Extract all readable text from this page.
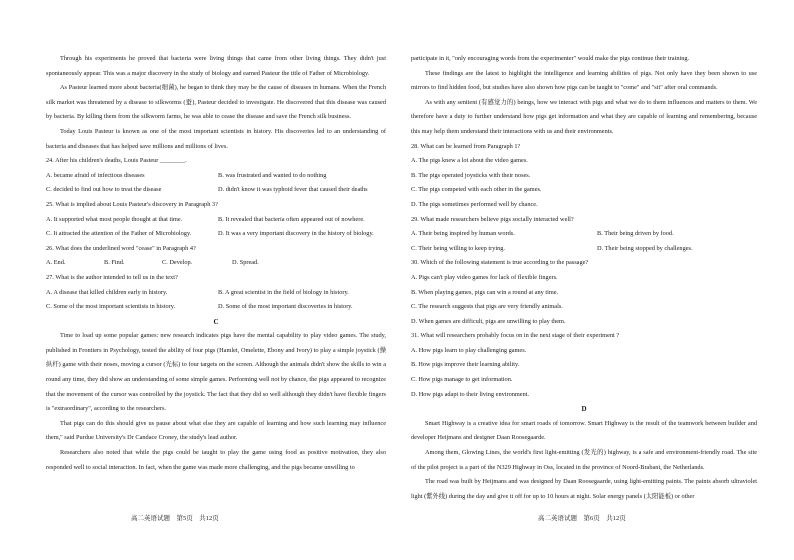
Through his experiments he proved that bacteria were living things that came from other living things. They didn't just spontaneously appear. This was a major discovery in the study of biology and earned Pasteur the title of Father of Microbiology.

As Pasteur learned more about bacteria(细菌), he began to think they may be the cause of diseases in humans. When the French silk market was threatened by a disease to silkworms (蚕), Pasteur decided to investigate. He discovered that this disease was caused by bacteria. By killing them from the silkworm farms, he was able to cease the disease and save the French silk business.

Today Louis Pasteur is known as one of the most important scientists in history. His discoveries led to an understanding of bacteria and diseases that has helped save millions and millions of lives.

24. After his children's deaths, Louis Pasteur ________.

A. became afraid of infectious diseases	B. was frustrated and wanted to do nothing
C. decided to find out how to treat the disease	D. didn't know it was typhoid fever that caused their deaths

25. What is implied about Louis Pasteur's discovery in Paragraph 3?

A. It supported what most people thought at that time.	B. It revealed that bacteria often appeared out of nowhere.
C. It attracted the attention of the Father of Microbiology.	D. It was a very important discovery in the history of biology.

26. What does the underlined word "cease" in Paragraph 4?

A. End.	B. Find.	C. Develop.	D. Spread.

27. What is the author intended to tell us in the text?

A. A disease that killed children early in history.	B. A great scientist in the field of biology in history.
C. Some of the most important scientists in history.	D. Some of the most important discoveries in history.

C

Time to load up some popular games: new research indicates pigs have the mental capability to play video games. The study, published in Frontiers in Psychology, tested the ability of four pigs (Hamlet, Omelette, Ebony and Ivory) to play a simple joystick (操纵杆) game with their noses, moving a cursor (光标) to four targets on the screen. Although the animals didn't show the skills to win a round any time, they did show an understanding of some simple games. Performing well not by chance, the pigs appeared to recognize that the movement of the cursor was controlled by the joystick. The fact that they did so well although they didn't have flexible fingers is "extraordinary", according to the researchers.

That pigs can do this should give us pause about what else they are capable of learning and how such learning may influence them," said Purdue University's Dr Candace Croney, the study's lead author.

Researchers also noted that while the pigs could be taught to play the game using food as positive motivation, they also responded well to social interaction. In fact, when the game was made more challenging, and the pigs became unwilling to

participate in it, "only encouraging words from the experimenter" would make the pigs continue their training.

These findings are the latest to highlight the intelligence and learning abilities of pigs. Not only have they been shown to use mirrors to find hidden food, but studies have also shown how pigs can be taught to "come" and "sit" after oral commands.

As with any sentient (有感觉力的) beings, how we interact with pigs and what we do to them influences and matters to them. We therefore have a duty to further understand how pigs get information and what they are capable of learning and remembering, because this may help them understand their interactions with us and their environments.

28. What can be learned from Paragraph 1?

A. The pigs knew a lot about the video games.

B. The pigs operated joysticks with their noses.

C. The pigs competed with each other in the games.

D. The pigs sometimes performed well by chance.

29. What made researchers believe pigs socially interacted well?

A. Their being inspired by human words.	B. Their being driven by food.
C. Their being willing to keep trying.	D. Their being stopped by challenges.

30. Which of the following statement is true according to the passage?

A. Pigs can't play video games for lack of flexible fingers.

B. When playing games, pigs can win a round at any time.

C. The research suggests that pigs are very friendly animals.

D. When games are difficult, pigs are unwilling to play them.

31. What will researchers probably focus on in the next stage of their experiment ?

A. How pigs learn to play challenging games.

B. How pigs improve their learning ability.

C. How pigs manage to get information.

D. How pigs adapt to their living environment.

D

Smart Highway is a creative idea for smart roads of tomorrow. Smart Highway is the result of the teamwork between builder and developer Heijmans and designer Daan Roosegaarde.

Among them, Glowing Lines, the world's first light-emitting (发光的) highway, is a safe and environment-friendly road. The site of the pilot project is a part of the N329 Highway in Oss, located in the province of Noord-Brabant, the Netherlands.

The road was built by Heijmans and was designed by Daan Roosegaarde, using light-emitting paints. The paints absorb ultraviolet light (紫外线) during the day and give it off for up to 10 hours at night. Solar energy panels (太阳能板) or other

高二英语试题　第5页　共12页	高二英语试题　第6页　共12页
